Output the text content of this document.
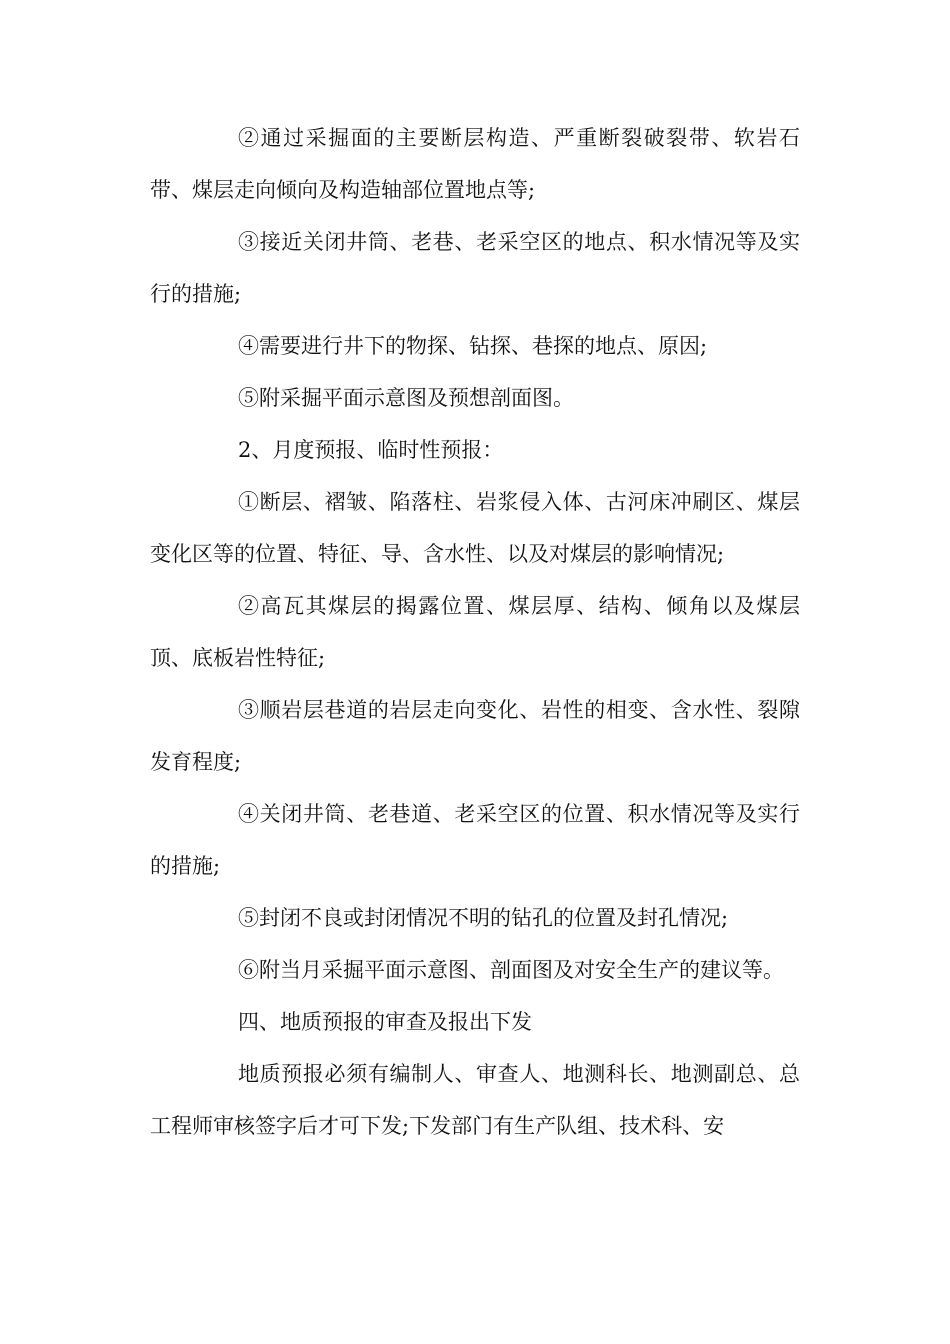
②通过采掘面的主要断层构造、严重断裂破裂带、软岩石带、煤层走向倾向及构造轴部位置地点等;

③接近关闭井筒、老巷、老采空区的地点、积水情况等及实行的措施;

④需要进行井下的物探、钻探、巷探的地点、原因;

⑤附采掘平面示意图及预想剖面图。

2、月度预报、临时性预报：

①断层、褶皱、陷落柱、岩浆侵入体、古河床冲刷区、煤层变化区等的位置、特征、导、含水性、以及对煤层的影响情况;

②高瓦其煤层的揭露位置、煤层厚、结构、倾角以及煤层顶、底板岩性特征;

③顺岩层巷道的岩层走向变化、岩性的相变、含水性、裂隙发育程度;

④关闭井筒、老巷道、老采空区的位置、积水情况等及实行的措施;

⑤封闭不良或封闭情况不明的钻孔的位置及封孔情况;

⑥附当月采掘平面示意图、剖面图及对安全生产的建议等。

四、地质预报的审查及报出下发

地质预报必须有编制人、审查人、地测科长、地测副总、总工程师审核签字后才可下发;下发部门有生产队组、技术科、安
